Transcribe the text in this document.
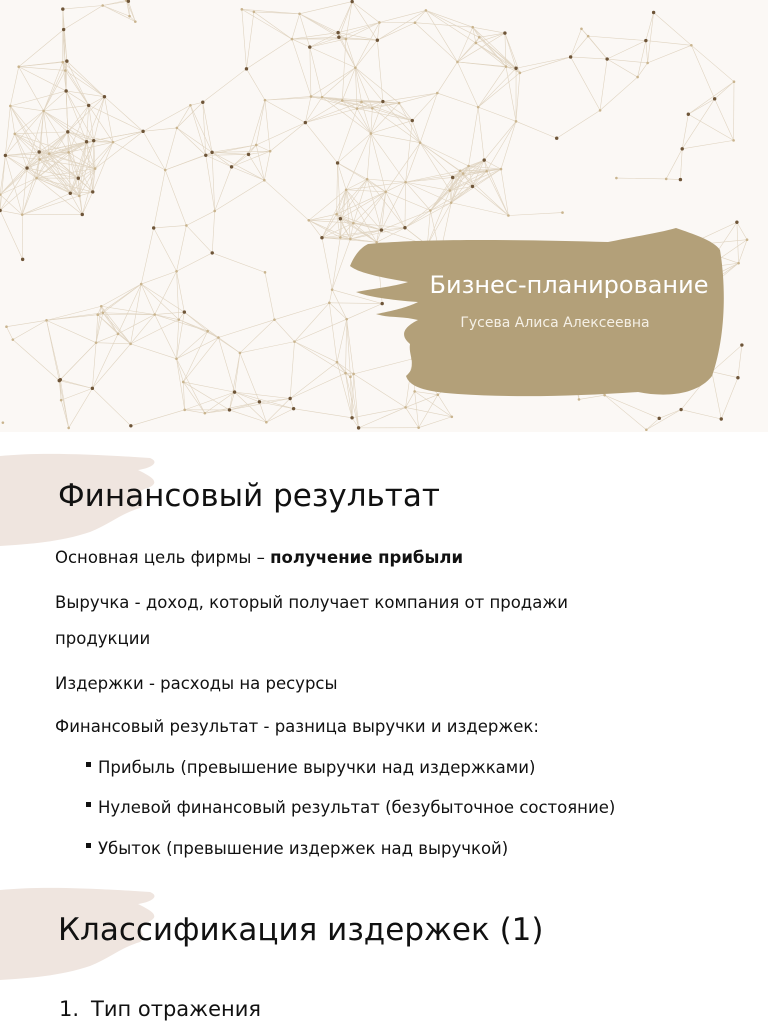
Бизнес-планирование
Гусева Алиса Алексеевна
Финансовый результат
Основная цель фирмы – получение прибыли
Выручка - доход, который получает компания от продажи
продукции
Издержки - расходы на ресурсы
Финансовый результат - разница выручки и издержек:
Прибыль (превышение выручки над издержками)
Нулевой финансовый результат (безубыточное состояние)
Убыток (превышение издержек над выручкой)
Классификация издержек (1)
1. Тип отражения
